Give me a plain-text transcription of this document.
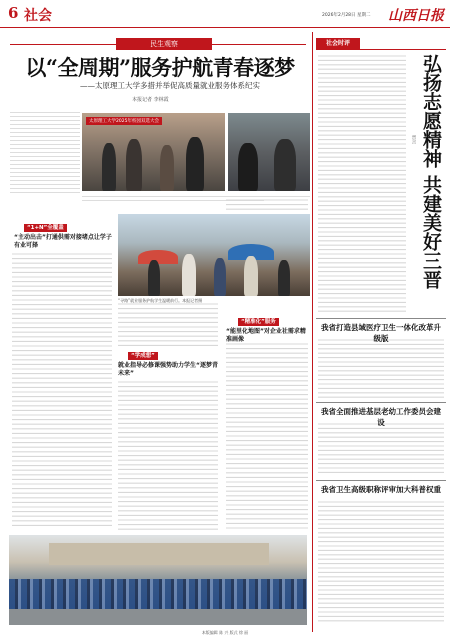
6 社会	2026年2月28日 星期二 山西日报
民生观察
以“全周期”服务护航青春逐梦
——太原理工大学多措并举促高质量就业服务体系纪实
本报记者 李林霞
太原理工大学2025年校园双选大会
“1+N”全覆盖
“主动出击”打通供需对接堵点让学子有业可择
“寻路”就业服务护航学生温暖前行。本报记者摄
“精准化”服务
“能里化地图”对企业社需求精准画像
“学成想”
就业指导必修课强势助力学生“逐梦青未来”
社会时评
弘扬志愿精神 共建美好三晋
晋言
我省打造县域医疗卫生一体化改革升级版
我省全面推进基层老幼工作委员会建设
我省卫生高级职称评审加大科普权重
本版编辑 陈 兴 版式 徐 丽
